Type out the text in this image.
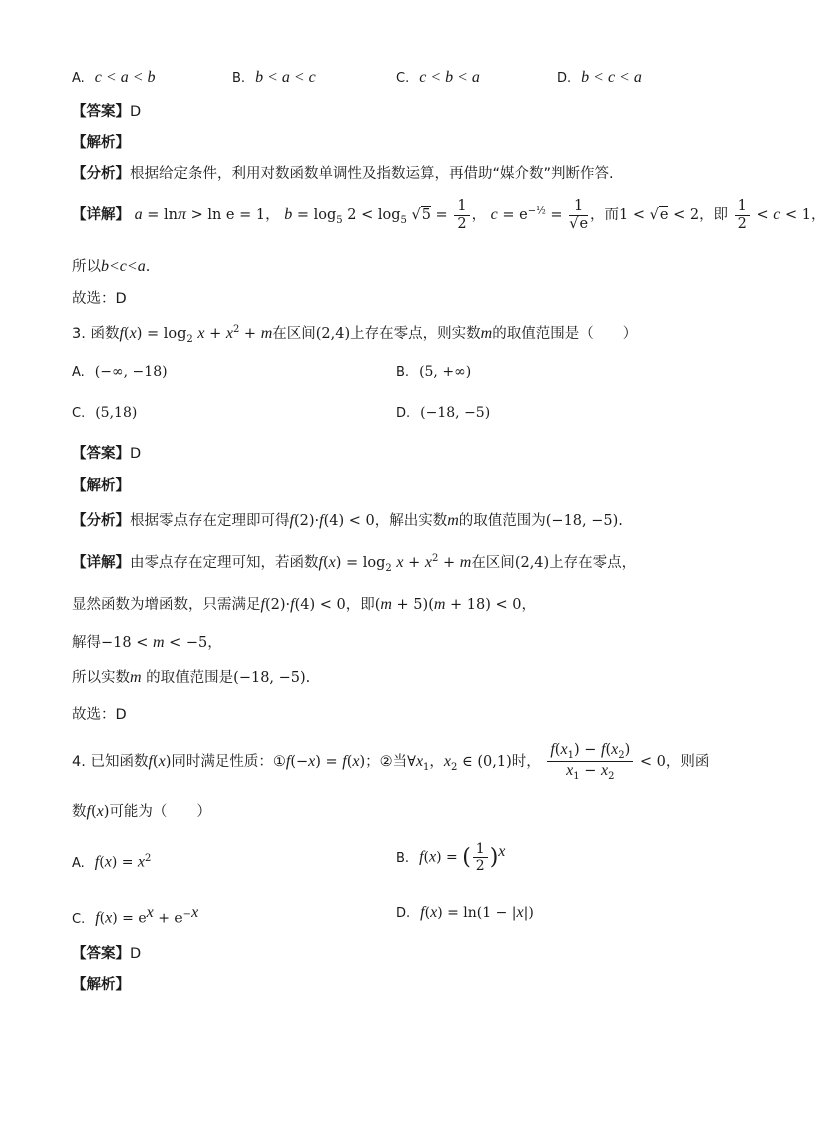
A. c < a < b	B. b < a < c	C. c < b < a	D. b < c < a
【答案】D
【解析】
【分析】根据给定条件，利用对数函数单调性及指数运算，再借助“媒介数”判断作答.
【详解】 a = lnπ > ln e = 1， $b = \log_5 2 < \log_5 √5 = \frac{1}{2}$ ， $c = e^{-\frac{1}{2}} = \frac{1}{√e}$ ，而1 < √e < 2，即 $\frac{1}{2} < c < 1$，
所以b<c<a.
故选：D
3. 函数$f(x) = \log_2 x + x^2 + m$在区间(2,4)上存在零点，则实数m的取值范围是（　　）
A. (−∞, −18)	B. (5, +∞)
C. (5,18)	D. (−18, −5)
【答案】D
【解析】
【分析】根据零点存在定理即可得f(2)·f(4) < 0，解出实数m的取值范围为(−18, −5).
【详解】由零点存在定理可知，若函数$f(x) = \log_2 x + x^2 + m$在区间(2,4)上存在零点，
显然函数为增函数，只需满足f(2)·f(4) < 0，即(m + 5)(m + 18) < 0，
解得−18 < m < −5，
所以实数m 的取值范围是(−18, −5).
故选：D
4. 已知函数f(x)同时满足性质：①f(−x) = f(x)；②当$\forall x_1$，$x_2$ ∈ (0,1)时， $\frac{f(x_1) - f(x_2)}{x_1 - x_2} < 0$，则函
数f(x)可能为（　　）
A. $f(x) = x^2$	B. f(x) = ( $\frac{1}{2} )^x$
C. $f(x) = e^x + e^{-x}$	D. f(x) = ln(1 − |x|)
【答案】D
【解析】
